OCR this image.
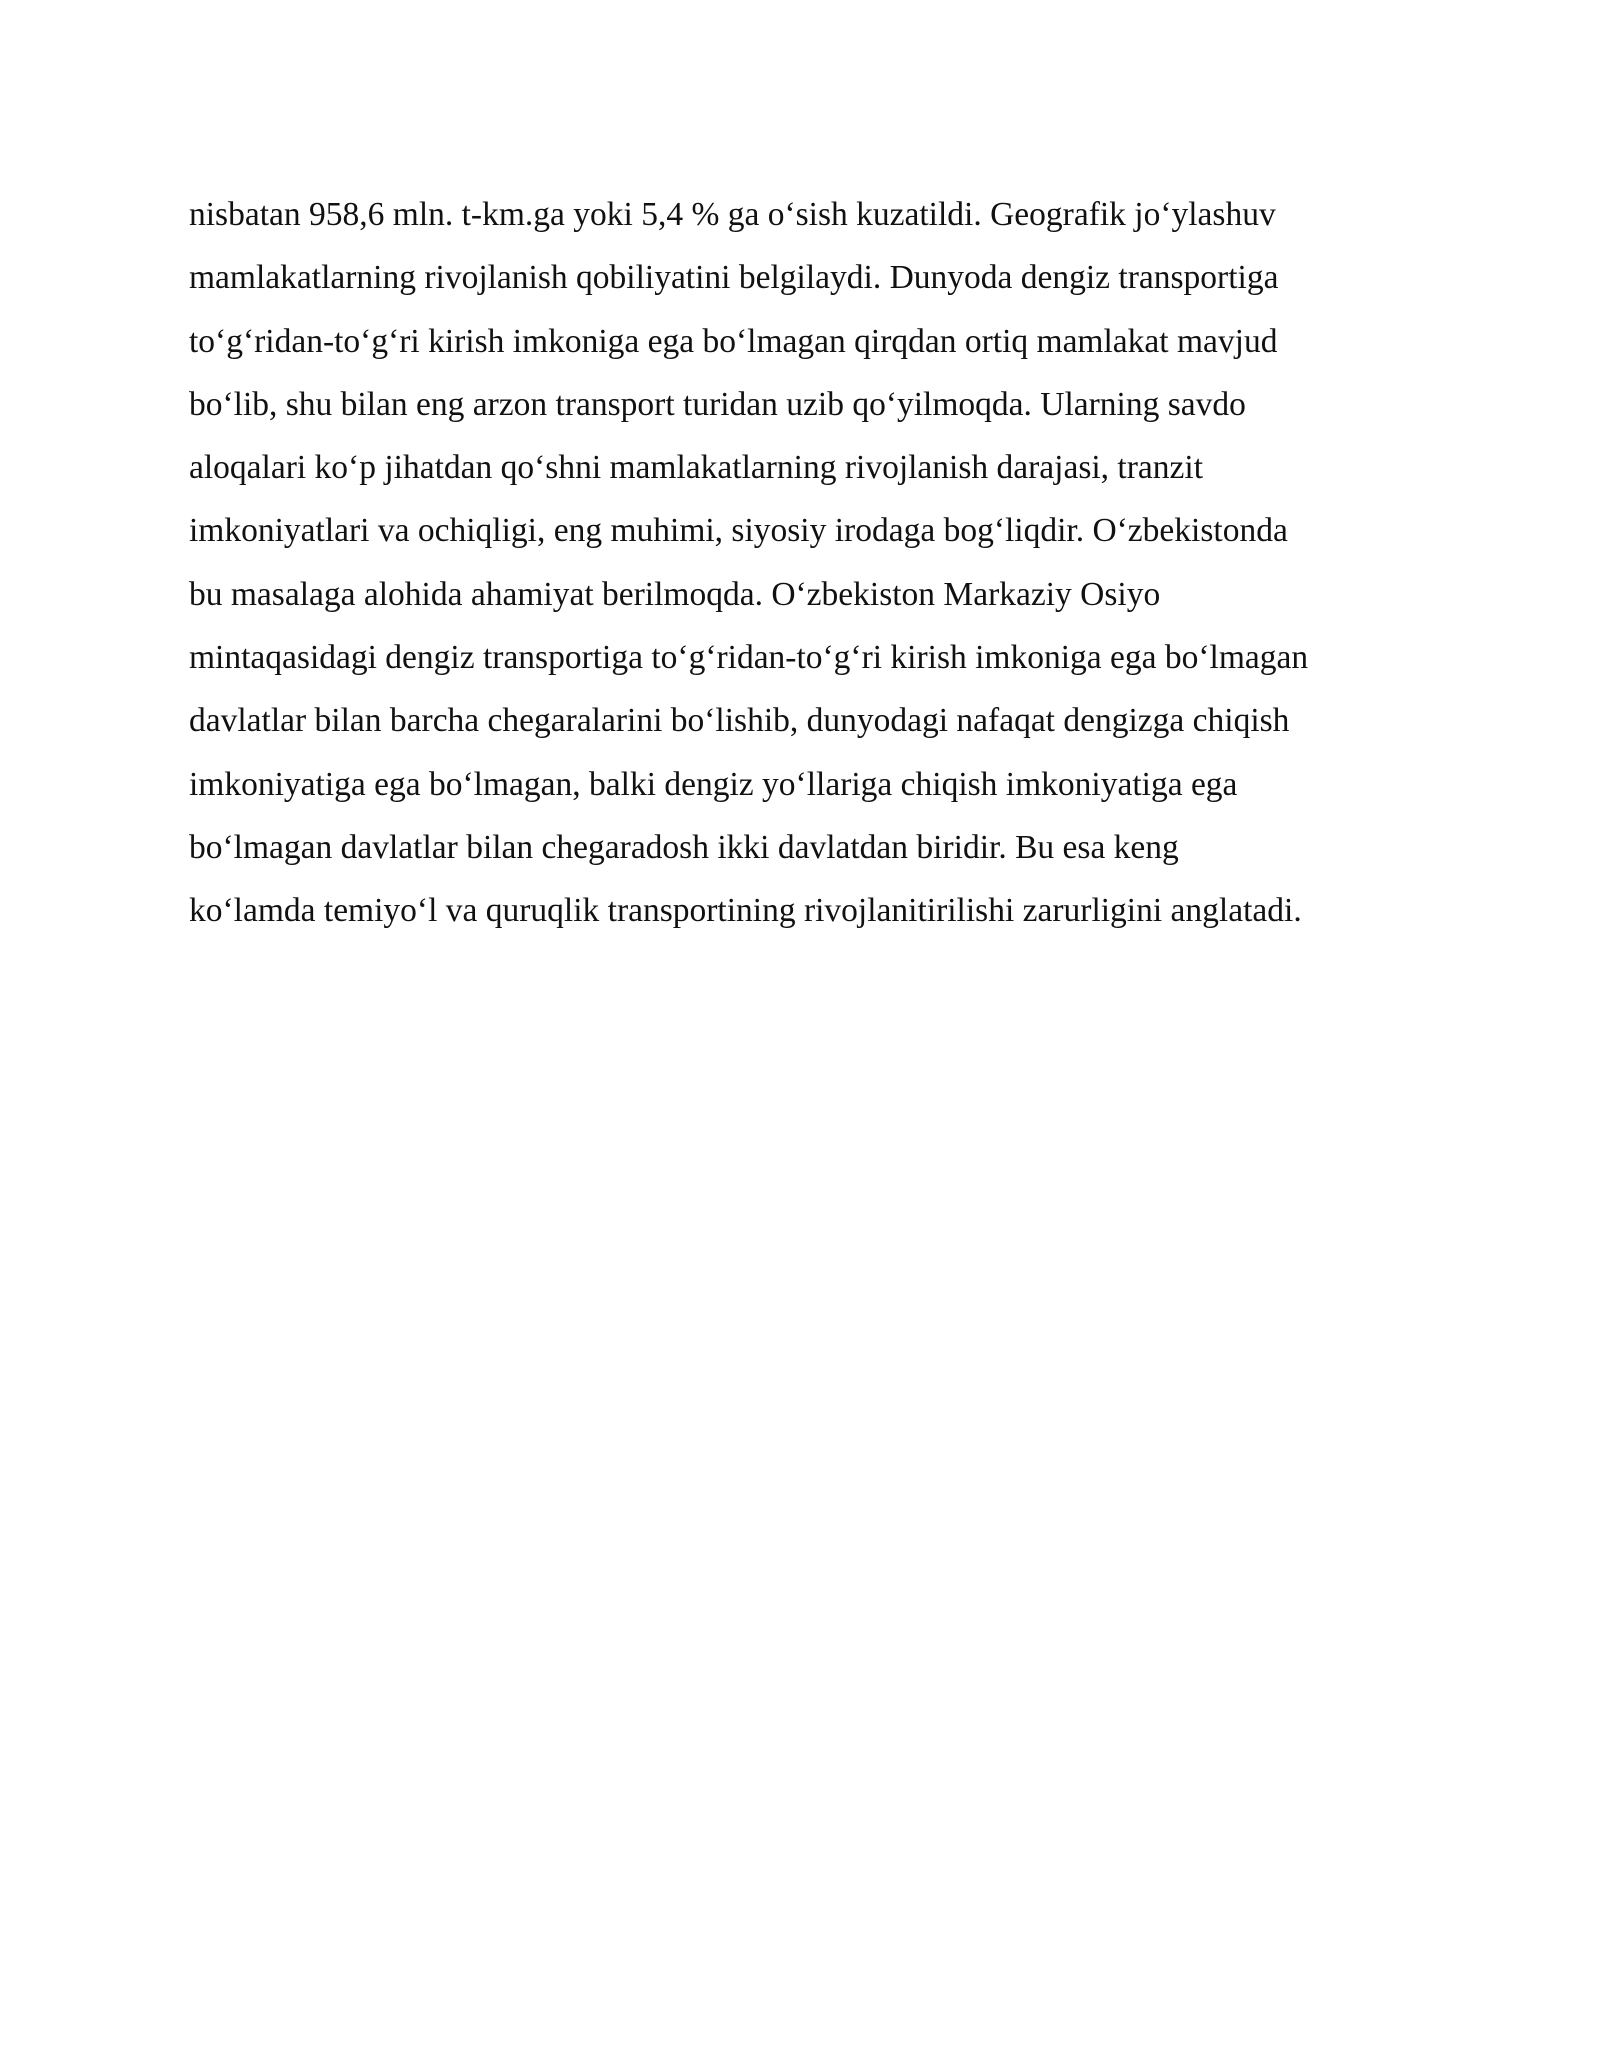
nisbatan 958,6 mln. t-km.ga yoki 5,4 % ga o‘sish kuzatildi. Geografik jo‘ylashuv
mamlakatlarning rivojlanish qobiliyatini belgilaydi. Dunyoda dengiz transportiga
to‘g‘ridan-to‘g‘ri kirish imkoniga ega bo‘lmagan qirqdan ortiq mamlakat mavjud
bo‘lib, shu bilan eng arzon transport turidan uzib qo‘yilmoqda. Ularning savdo
aloqalari ko‘p jihatdan qo‘shni mamlakatlarning rivojlanish darajasi, tranzit
imkoniyatlari va ochiqligi, eng muhimi, siyosiy irodaga bog‘liqdir. O‘zbekistonda
bu masalaga alohida ahamiyat berilmoqda. O‘zbekiston Markaziy Osiyo
mintaqasidagi dengiz transportiga to‘g‘ridan-to‘g‘ri kirish imkoniga ega bo‘lmagan
davlatlar bilan barcha chegaralarini bo‘lishib, dunyodagi nafaqat dengizga chiqish
imkoniyatiga ega bo‘lmagan, balki dengiz yo‘llariga chiqish imkoniyatiga ega
bo‘lmagan davlatlar bilan chegaradosh ikki davlatdan biridir. Bu esa keng
ko‘lamda temiyo‘l va quruqlik transportining rivojlanitirilishi zarurligini anglatadi.
